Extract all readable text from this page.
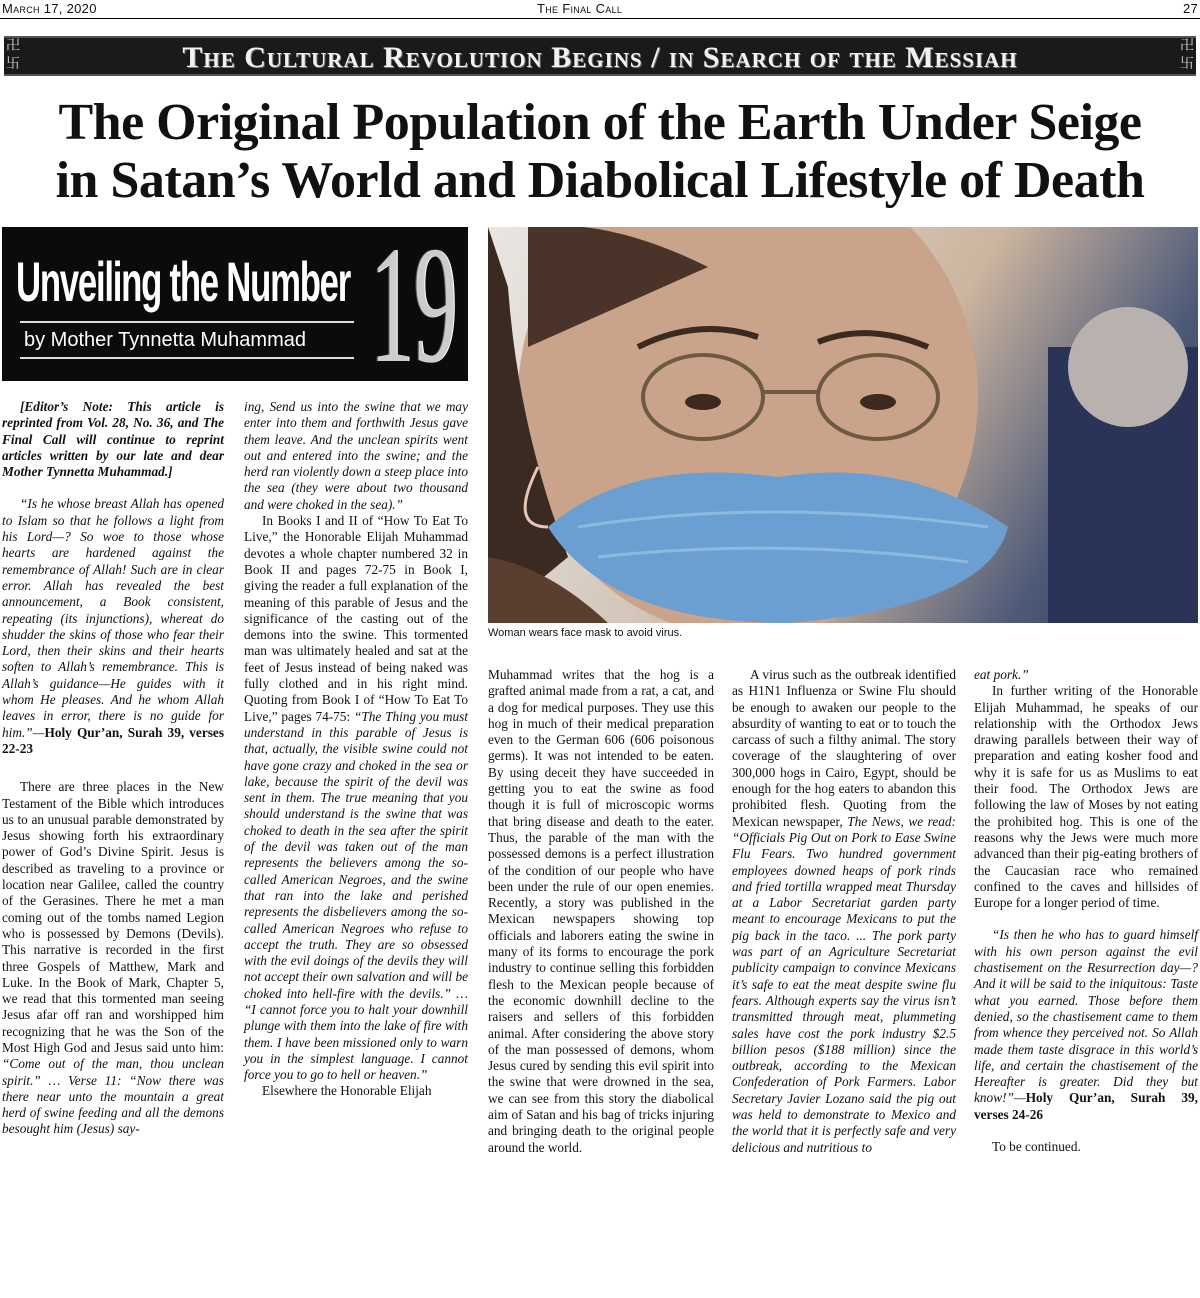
March 17, 2020	The Final Call	27
卍
卐
卍
卐
The Cultural Revolution Begins / in Search of the Messiah
The Original Population of the Earth Under Seige
in Satan’s World and Diabolical Lifestyle of Death
Unveiling the Number
by Mother Tynnetta Muhammad 19
Woman wears face mask to avoid virus.

[Editor’s Note: This article is reprinted from Vol. 28, No. 36, and The Final Call will continue to reprint articles written by our late and dear Mother Tynnetta Muhammad.]

“Is he whose breast Allah has opened to Islam so that he follows a light from his Lord—? So woe to those whose hearts are hardened against the remembrance of Allah! Such are in clear error. Allah has revealed the best announcement, a Book consistent, repeating (its injunctions), whereat do shudder the skins of those who fear their Lord, then their skins and their hearts soften to Allah’s remembrance. This is Allah’s guidance—He guides with it whom He pleases. And he whom Allah leaves in error, there is no guide for him.”—Holy Qur’an, Surah 39, verses 22-23

There are three places in the New Testament of the Bible which introduces us to an unusual parable demonstrated by Jesus showing forth his extraordinary power of God’s Divine Spirit. Jesus is described as traveling to a province or location near Galilee, called the country of the Gerasines. There he met a man coming out of the tombs named Legion who is possessed by Demons (Devils). This narrative is recorded in the first three Gospels of Matthew, Mark and Luke. In the Book of Mark, Chapter 5, we read that this tormented man seeing Jesus afar off ran and worshipped him recognizing that he was the Son of the Most High God and Jesus said unto him: “Come out of the man, thou unclean spirit.” … Verse 11: “Now there was there near unto the mountain a great herd of swine feeding and all the demons besought him (Jesus) say-

ing, Send us into the swine that we may enter into them and forthwith Jesus gave them leave. And the unclean spirits went out and entered into the swine; and the herd ran violently down a steep place into the sea (they were about two thousand and were choked in the sea).”

In Books I and II of “How To Eat To Live,” the Honorable Elijah Muhammad devotes a whole chapter numbered 32 in Book II and pages 72-75 in Book I, giving the reader a full explanation of the meaning of this parable of Jesus and the significance of the casting out of the demons into the swine. This tormented man was ultimately healed and sat at the feet of Jesus instead of being naked was fully clothed and in his right mind. Quoting from Book I of “How To Eat To Live,” pages 74-75: “The Thing you must understand in this parable of Jesus is that, actually, the visible swine could not have gone crazy and choked in the sea or lake, because the spirit of the devil was sent in them. The true meaning that you should understand is the swine that was choked to death in the sea after the spirit of the devil was taken out of the man represents the believers among the so-called American Negroes, and the swine that ran into the lake and perished represents the disbelievers among the so-called American Negroes who refuse to accept the truth. They are so obsessed with the evil doings of the devils they will not accept their own salvation and will be choked into hell-fire with the devils.” … “I cannot force you to halt your downhill plunge with them into the lake of fire with them. I have been missioned only to warn you in the simplest language. I cannot force you to go to hell or heaven.”

Elsewhere the Honorable Elijah

Muhammad writes that the hog is a grafted animal made from a rat, a cat, and a dog for medical purposes. They use this hog in much of their medical preparation even to the German 606 (606 poisonous germs). It was not intended to be eaten. By using deceit they have succeeded in getting you to eat the swine as food though it is full of microscopic worms that bring disease and death to the eater. Thus, the parable of the man with the possessed demons is a perfect illustration of the condition of our people who have been under the rule of our open enemies. Recently, a story was published in the Mexican newspapers showing top officials and laborers eating the swine in many of its forms to encourage the pork industry to continue selling this forbidden flesh to the Mexican people because of the economic downhill decline to the raisers and sellers of this forbidden animal. After considering the above story of the man possessed of demons, whom Jesus cured by sending this evil spirit into the swine that were drowned in the sea, we can see from this story the diabolical aim of Satan and his bag of tricks injuring and bringing death to the original people around the world.

A virus such as the outbreak identified as H1N1 Influenza or Swine Flu should be enough to awaken our people to the absurdity of wanting to eat or to touch the carcass of such a filthy animal. The story coverage of the slaughtering of over 300,000 hogs in Cairo, Egypt, should be enough for the hog eaters to abandon this prohibited flesh. Quoting from the Mexican newspaper, The News, we read: “Officials Pig Out on Pork to Ease Swine Flu Fears. Two hundred government employees downed heaps of pork rinds and fried tortilla wrapped meat Thursday at a Labor Secretariat garden party meant to encourage Mexicans to put the pig back in the taco. ... The pork party was part of an Agriculture Secretariat publicity campaign to convince Mexicans it’s safe to eat the meat despite swine flu fears. Although experts say the virus isn’t transmitted through meat, plummeting sales have cost the pork industry $2.5 billion pesos ($188 million) since the outbreak, according to the Mexican Confederation of Pork Farmers. Labor Secretary Javier Lozano said the pig out was held to demonstrate to Mexico and the world that it is perfectly safe and very delicious and nutritious to

eat pork.”

In further writing of the Honorable Elijah Muhammad, he speaks of our relationship with the Orthodox Jews drawing parallels between their way of preparation and eating kosher food and why it is safe for us as Muslims to eat their food. The Orthodox Jews are following the law of Moses by not eating the prohibited hog. This is one of the reasons why the Jews were much more advanced than their pig-eating brothers of the Caucasian race who remained confined to the caves and hillsides of Europe for a longer period of time.

“Is then he who has to guard himself with his own person against the evil chastisement on the Resurrection day—? And it will be said to the iniquitous: Taste what you earned. Those before them denied, so the chastisement came to them from whence they perceived not. So Allah made them taste disgrace in this world’s life, and certain the chastisement of the Hereafter is greater. Did they but know!”—Holy Qur’an, Surah 39, verses 24-26

To be continued.
